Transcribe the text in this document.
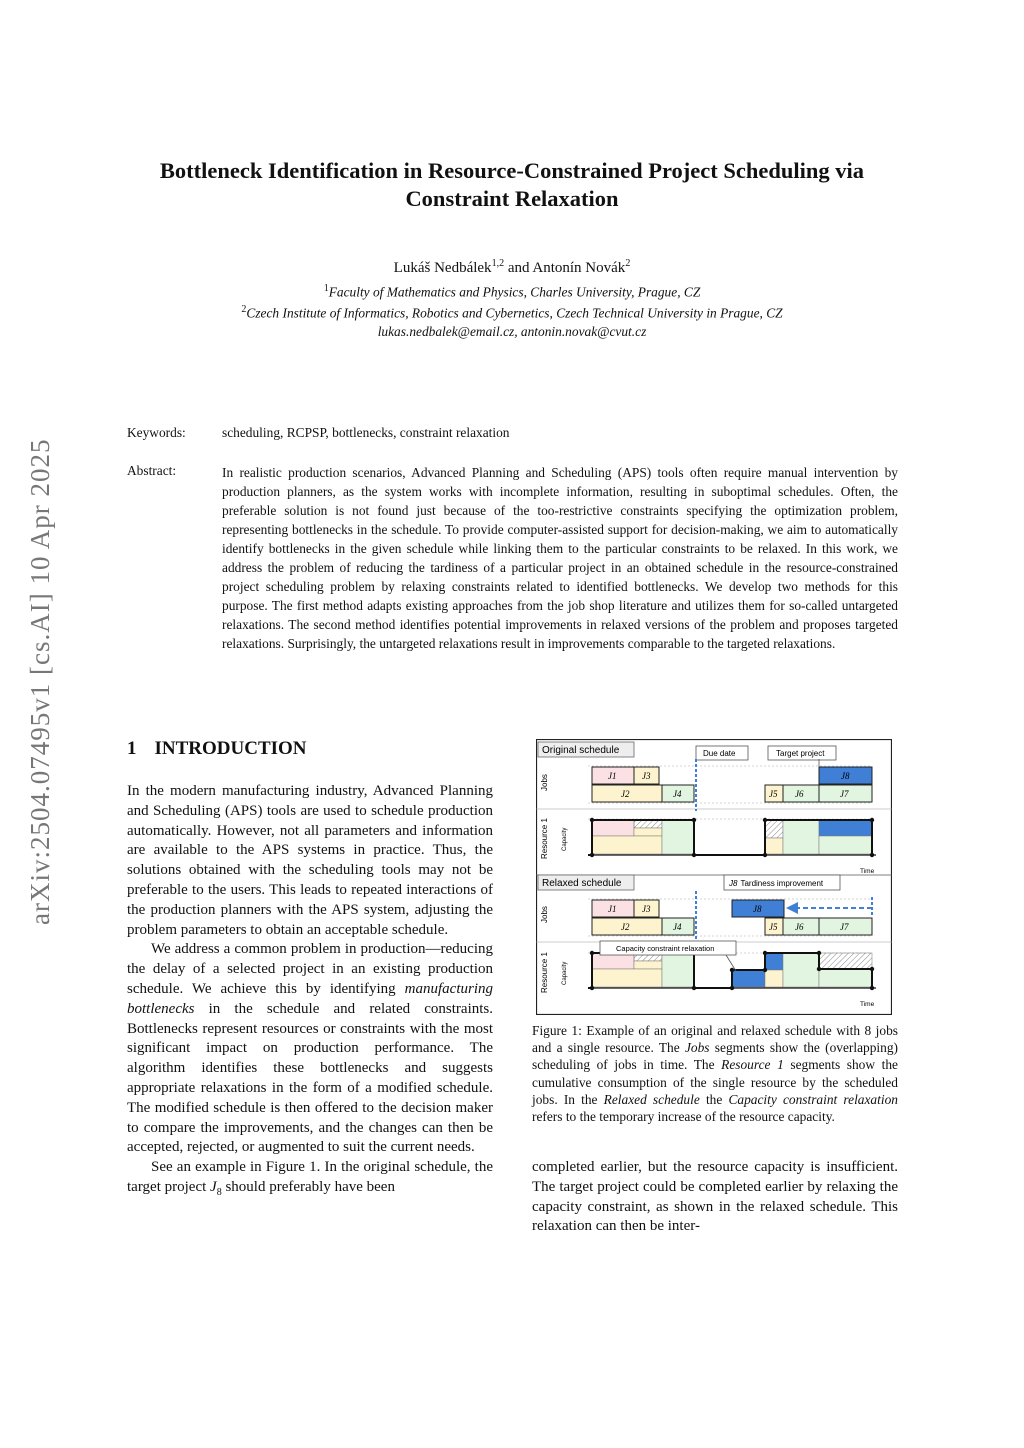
arXiv:2504.07495v1 [cs.AI] 10 Apr 2025
Bottleneck Identification in Resource-Constrained Project Scheduling via
Constraint Relaxation
Lukáš Nedbálek$^{1,2}$ and Antonín Novák$^2$
$^1$Faculty of Mathematics and Physics, Charles University, Prague, CZ
$^2$Czech Institute of Informatics, Robotics and Cybernetics, Czech Technical University in Prague, CZ
lukas.nedbalek@email.cz, antonin.novak@cvut.cz
Keywords:	scheduling, RCPSP, bottlenecks, constraint relaxation
Abstract:	In realistic production scenarios, Advanced Planning and Scheduling (APS) tools often require manual intervention by production planners, as the system works with incomplete information, resulting in suboptimal schedules. Often, the preferable solution is not found just because of the too-restrictive constraints specifying the optimization problem, representing bottlenecks in the schedule. To provide computer-assisted support for decision-making, we aim to automatically identify bottlenecks in the given schedule while linking them to the particular constraints to be relaxed. In this work, we address the problem of reducing the tardiness of a particular project in an obtained schedule in the resource-constrained project scheduling problem by relaxing constraints related to identified bottlenecks. We develop two methods for this purpose. The first method adapts existing approaches from the job shop literature and utilizes them for so-called untargeted relaxations. The second method identifies potential improvements in relaxed versions of the problem and proposes targeted relaxations. Surprisingly, the untargeted relaxations result in improvements comparable to the targeted relaxations.
1 INTRODUCTION

In the modern manufacturing industry, Advanced Planning and Scheduling (APS) tools are used to schedule production automatically. However, not all parameters and information are available to the APS systems in practice. Thus, the solutions obtained with the scheduling tools may not be preferable to the users. This leads to repeated interactions of the production planners with the APS system, adjusting the problem parameters to obtain an acceptable schedule.

We address a common problem in production—reducing the delay of a selected project in an existing production schedule. We achieve this by identifying manufacturing bottlenecks in the schedule and related constraints. Bottlenecks represent resources or constraints with the most significant impact on production performance. The algorithm identifies these bottlenecks and suggests appropriate relaxations in the form of a modified schedule. The modified schedule is then offered to the decision maker to compare the improvements, and the changes can then be accepted, rejected, or augmented to suit the current needs.

See an example in Figure 1. In the original schedule, the target project $J_8$ should preferably have been

Original schedule	Due date	Target project
Jobs
Resource 1 Capacity
J1	J3
J2	J4
J8
J5 J6	J7
Time
Relaxed schedule	J8 Tardiness improvement
Jobs
Resource 1 Capacity
J1	J3
J2	J4
J8
J5 J6	J7
Capacity constraint relaxation
Time
Figure 1: Example of an original and relaxed schedule with 8 jobs and a single resource. The Jobs segments show the (overlapping) scheduling of jobs in time. The Resource 1 segments show the cumulative consumption of the single resource by the scheduled jobs. In the Relaxed schedule the Capacity constraint relaxation refers to the temporary increase of the resource capacity.
completed earlier, but the resource capacity is insufficient. The target project could be completed earlier by relaxing the capacity constraint, as shown in the relaxed schedule. This relaxation can then be inter-
